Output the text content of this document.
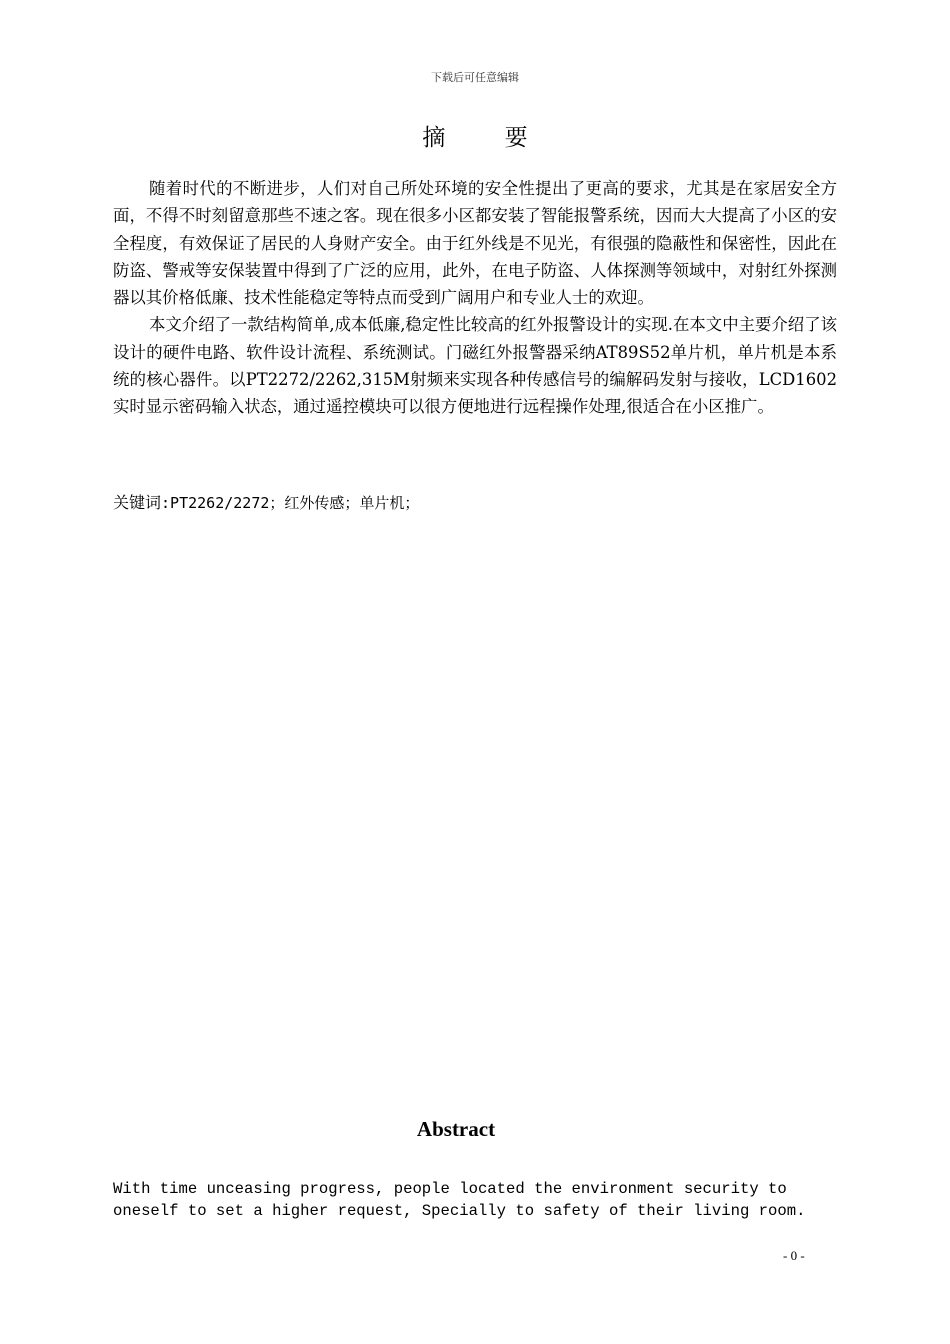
下载后可任意编辑
摘 要

随着时代的不断进步，人们对自己所处环境的安全性提出了更高的要求，尤其是在家居安全方面，不得不时刻留意那些不速之客。现在很多小区都安装了智能报警系统，因而大大提高了小区的安全程度，有效保证了居民的人身财产安全。由于红外线是不见光，有很强的隐蔽性和保密性，因此在防盗、警戒等安保装置中得到了广泛的应用，此外，在电子防盗、人体探测等领域中，对射红外探测器以其价格低廉、技术性能稳定等特点而受到广阔用户和专业人士的欢迎。

本文介绍了一款结构简单,成本低廉,稳定性比较高的红外报警设计的实现.在本文中主要介绍了该设计的硬件电路、软件设计流程、系统测试。门磁红外报警器采纳AT89S52单片机，单片机是本系统的核心器件。以PT2272/2262,315M射频来实现各种传感信号的编解码发射与接收，LCD1602实时显示密码输入状态，通过遥控模块可以很方便地进行远程操作处理,很适合在小区推广。

关键词:PT2262/2272；红外传感；单片机；
Abstract
With time unceasing progress, people located the environment security to
oneself to set a higher request, Specially to safety of their living room.
- 0 -
